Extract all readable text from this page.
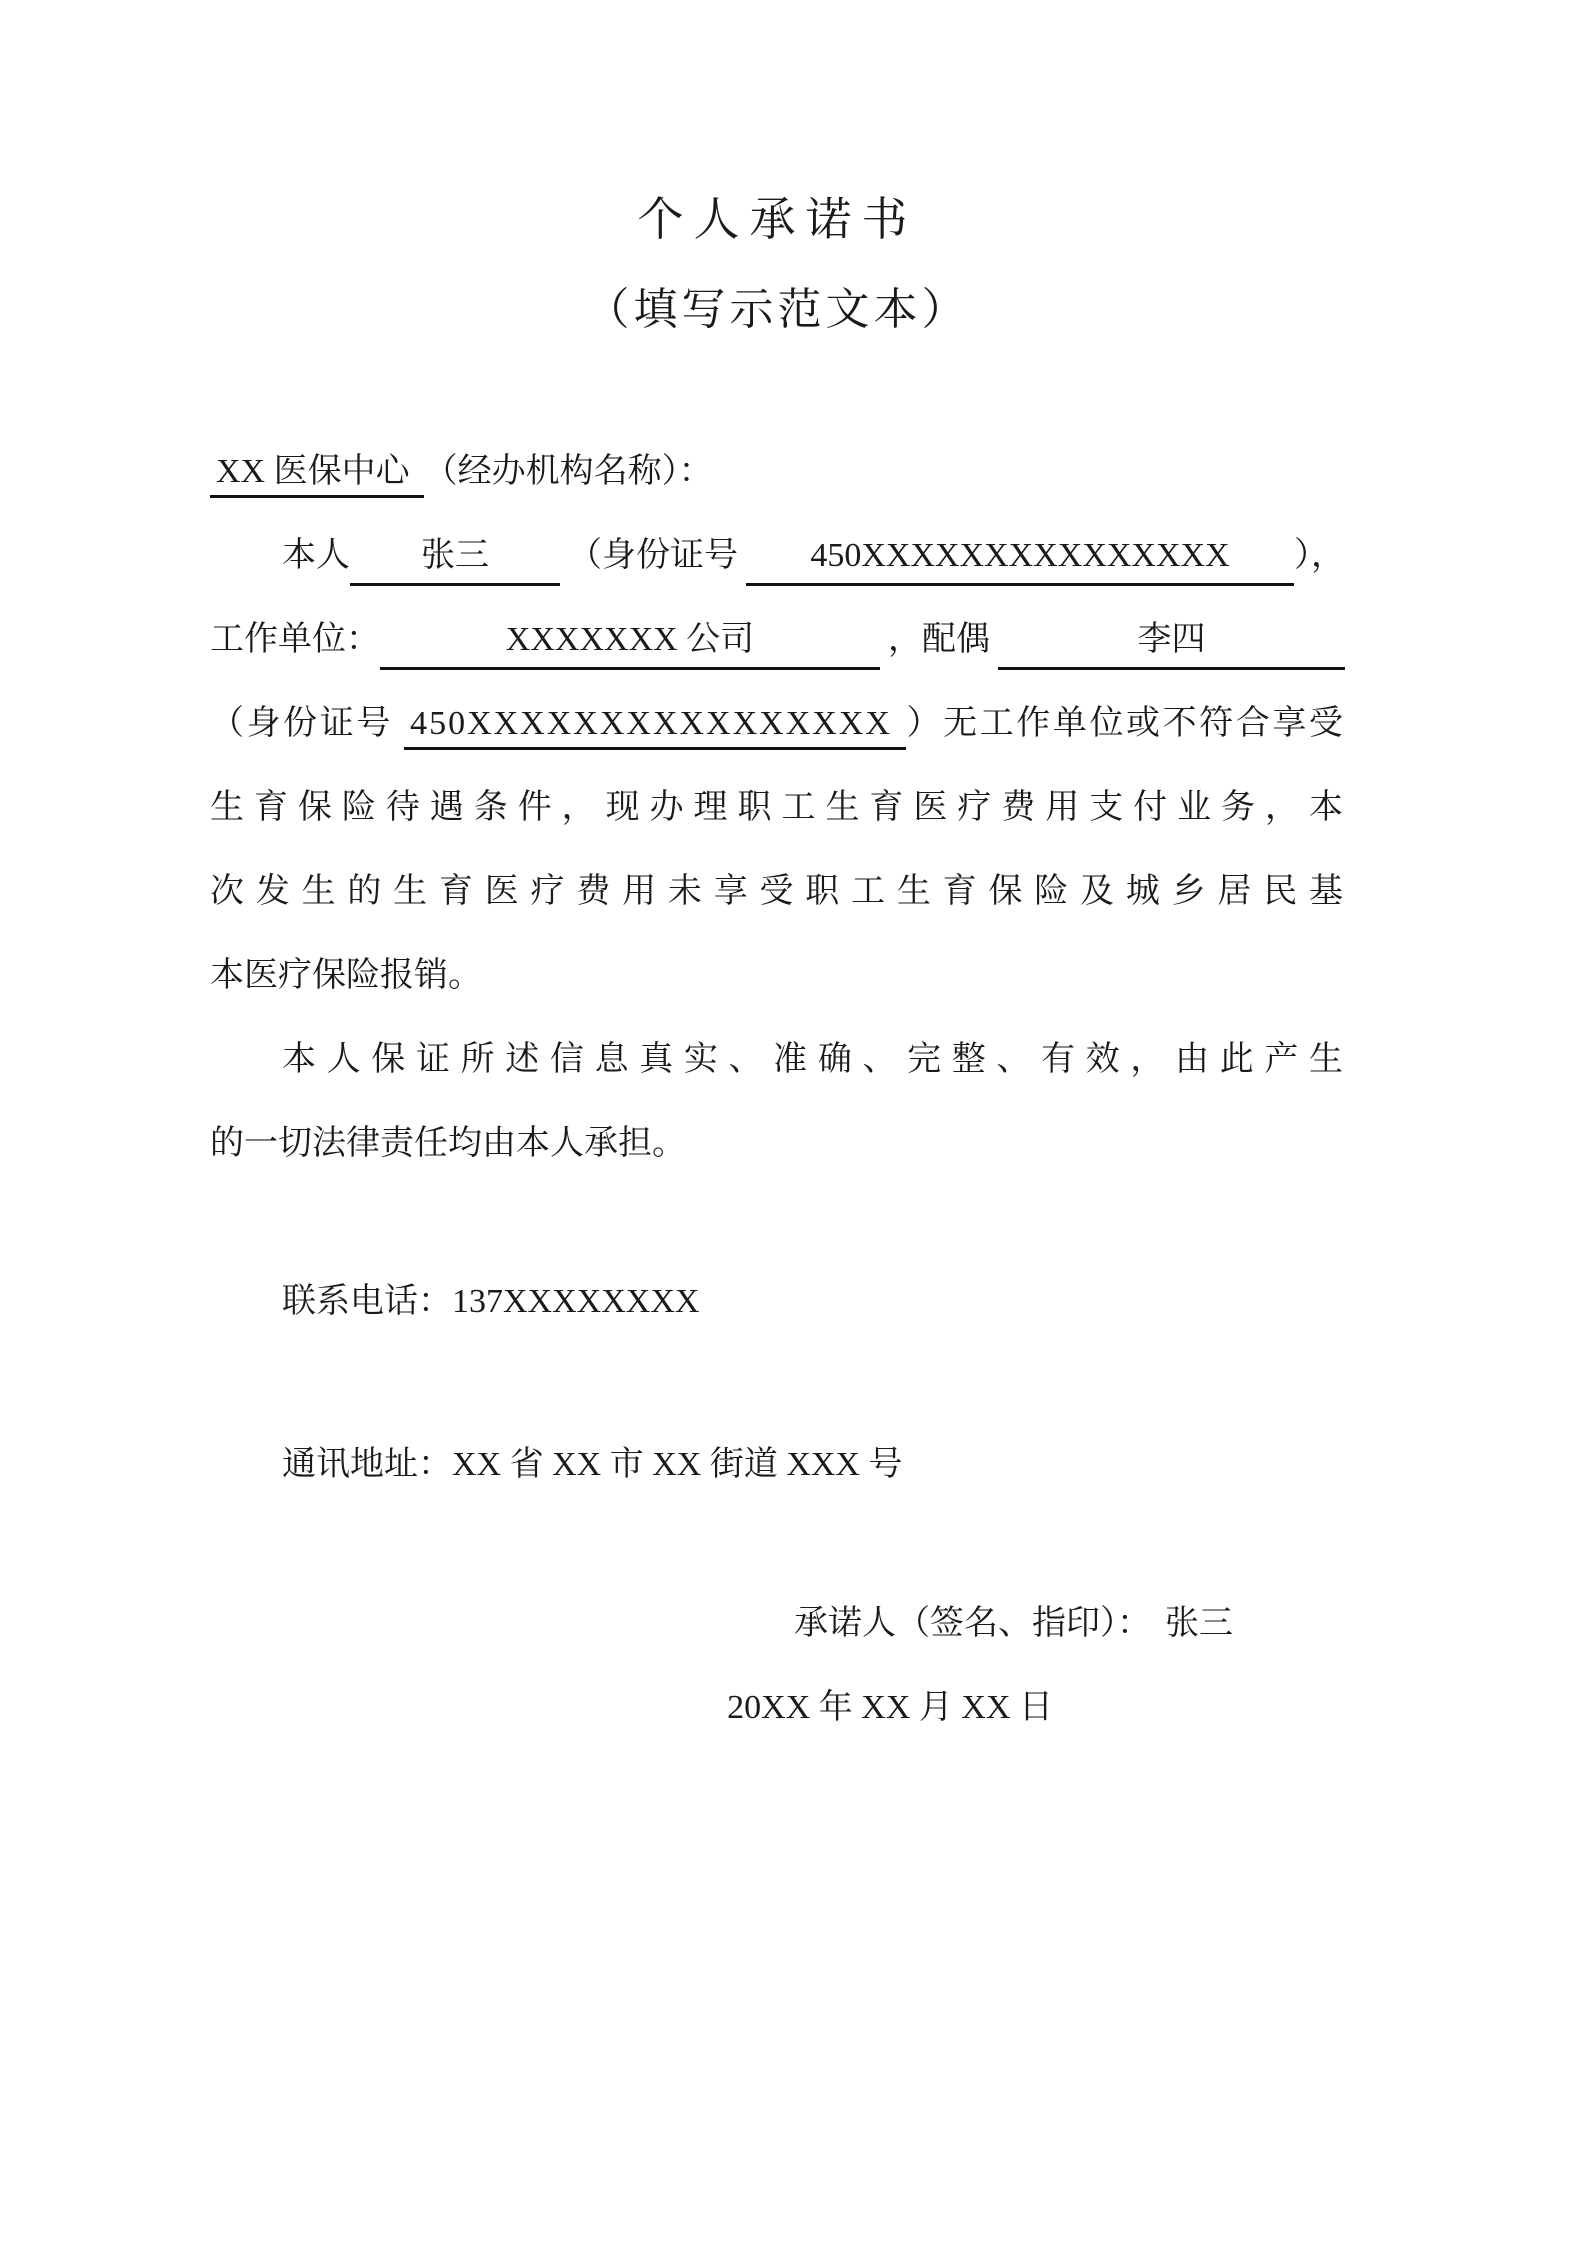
个人承诺书
（填写示范文本）
XX 医保中心 （经办机构名称）：
本人	张三	（身份证号	450XXXXXXXXXXXXXXX	），
工作单位：	XXXXXXX 公司	，配偶	李四
（身份证号 450XXXXXXXXXXXXXXXX ）无工作单位或不符合享受
生育保险待遇条件，现办理职工生育医疗费用支付业务，本
次发生的生育医疗费用未享受职工生育保险及城乡居民基
本医疗保险报销。
本人保证所述信息真实、准确、完整、有效，由此产生
的一切法律责任均由本人承担。
联系电话：137XXXXXXXX
通讯地址：XX 省 XX 市 XX 街道 XXX 号
承诺人（签名、指印）： 张三
20XX 年 XX 月 XX 日
